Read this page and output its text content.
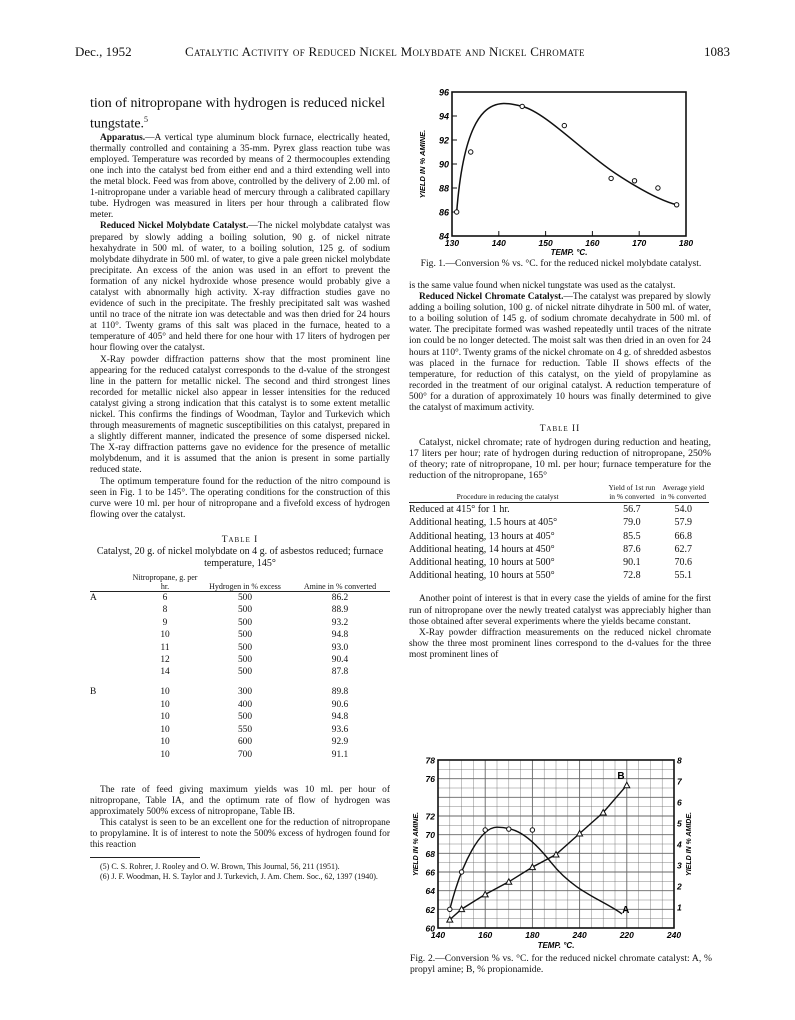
Dec., 1952	Catalytic Activity of Reduced Nickel Molybdate and Nickel Chromate	1083

tion of nitropropane with hydrogen is reduced nickel tungstate.$^5$

Apparatus.—A vertical type aluminum block furnace, electrically heated, thermally controlled and containing a 35-mm. Pyrex glass reaction tube was employed. Temperature was recorded by means of 2 thermocouples extending one inch into the catalyst bed from either end and a third extending well into the metal block. Feed was from above, controlled by the delivery of 2.00 ml. of 1-nitropropane under a variable head of mercury through a calibrated capillary tube. Hydrogen was measured in liters per hour through a calibrated flow meter.

Reduced Nickel Molybdate Catalyst.—The nickel molybdate catalyst was prepared by slowly adding a boiling solution, 90 g. of nickel nitrate hexahydrate in 500 ml. of water, to a boiling solution, 125 g. of sodium molybdate dihydrate in 500 ml. of water, to give a pale green nickel molybdate precipitate. An excess of the anion was used in an effort to prevent the formation of any nickel hydroxide whose presence would probably give a catalyst with abnormally high activity. X-ray diffraction studies gave no evidence of such in the precipitate. The freshly precipitated salt was washed until no trace of the nitrate ion was detectable and was then dried for 24 hours at 110°. Twenty grams of this salt was placed in the furnace, heated to a temperature of 405° and held there for one hour with 17 liters of hydrogen per hour flowing over the catalyst.

X-Ray powder diffraction patterns show that the most prominent line appearing for the reduced catalyst corresponds to the d-value of the strongest line in the pattern for metallic nickel. The second and third strongest lines recorded for metallic nickel also appear in lesser intensities for the reduced catalyst giving a strong indication that this catalyst is to some extent metallic nickel. This confirms the findings of Woodman, Taylor and Turkevich which through measurements of magnetic susceptibilities on this catalyst, prepared in a slightly different manner, indicated the presence of some dispersed nickel. The X-ray diffraction patterns gave no evidence for the presence of metallic molybdenum, and it is assumed that the anion is present in some partially reduced state.

The optimum temperature found for the reduction of the nitro compound is seen in Fig. 1 to be 145°. The operating conditions for the construction of this curve were 10 ml. per hour of nitropropane and a fivefold excess of hydrogen flowing over the catalyst.

Table I

Catalyst, 20 g. of nickel molybdate on 4 g. of asbestos reduced; furnace temperature, 145°

	Nitropropane, g. per hr.	Hydrogen in % excess	Amine in % converted
A	6	500	86.2
	8	500	88.9
	9	500	93.2
	10	500	94.8
	11	500	93.0
	12	500	90.4
	14	500	87.8
B	10	300	89.8
	10	400	90.6
	10	500	94.8
	10	550	93.6
	10	600	92.9
	10	700	91.1

The rate of feed giving maximum yields was 10 ml. per hour of nitropropane, Table IA, and the optimum rate of flow of hydrogen was approximately 500% excess of nitropropane, Table IB.

This catalyst is seen to be an excellent one for the reduction of nitropropane to propylamine. It is of interest to note the 500% excess of hydrogen found for this reaction

(5) C. S. Rohrer, J. Rooley and O. W. Brown, This Journal, 56, 211 (1951).

(6) J. F. Woodman, H. S. Taylor and J. Turkevich, J. Am. Chem. Soc., 62, 1397 (1940).

84
86
88
90
92
94
96
130	140	150	160	170	180
TEMP. °C.
YIELD IN % AMINE.
Fig. 1.—Conversion % vs. °C. for the reduced nickel molybdate catalyst.

is the same value found when nickel tungstate was used as the catalyst.

Reduced Nickel Chromate Catalyst.—The catalyst was prepared by slowly adding a boiling solution, 100 g. of nickel nitrate dihydrate in 500 ml. of water, to a boiling solution of 145 g. of sodium chromate decahydrate in 500 ml. of water. The precipitate formed was washed repeatedly until traces of the nitrate ion could be no longer detected. The moist salt was then dried in an oven for 24 hours at 110°. Twenty grams of the nickel chromate on 4 g. of shredded asbestos was placed in the furnace for reduction. Table II shows effects of the temperature, for reduction of this catalyst, on the yield of propylamine as recorded in the treatment of our original catalyst. A reduction temperature of 500° for a duration of approximately 10 hours was finally determined to give the catalyst of maximum activity.

Table II

Catalyst, nickel chromate; rate of hydrogen during reduction and heating, 17 liters per hour; rate of hydrogen during reduction of nitropropane, 250% of theory; rate of nitropropane, 10 ml. per hour; furnace temperature for the reduction of the nitropropane, 165°

Procedure in reducing the catalyst	Yield of 1st run in % converted	Average yield in % converted
Reduced at 415° for 1 hr.	56.7	54.0
Additional heating, 1.5 hours at 405°	79.0	57.9
Additional heating, 13 hours at 405°	85.5	66.8
Additional heating, 14 hours at 450°	87.6	62.7
Additional heating, 10 hours at 500°	90.1	70.6
Additional heating, 10 hours at 550°	72.8	55.1

Another point of interest is that in every case the yields of amine for the first run of nitropropane over the newly treated catalyst was appreciably higher than those obtained after several experiments where the yields became constant.

X-Ray powder diffraction measurements on the reduced nickel chromate show the three most prominent lines correspond to the d-values for the three most prominent lines of

60
62
64
66
68
70
72
76
78
1
2
3
4
5
6
7
8
140	160	180	240	220	240
TEMP. °C.
YIELD IN % AMINE.	YIELD IN % AMIDE.
A
B
Fig. 2.—Conversion % vs. °C. for the reduced nickel chromate catalyst: A, % propyl amine; B, % propionamide.
